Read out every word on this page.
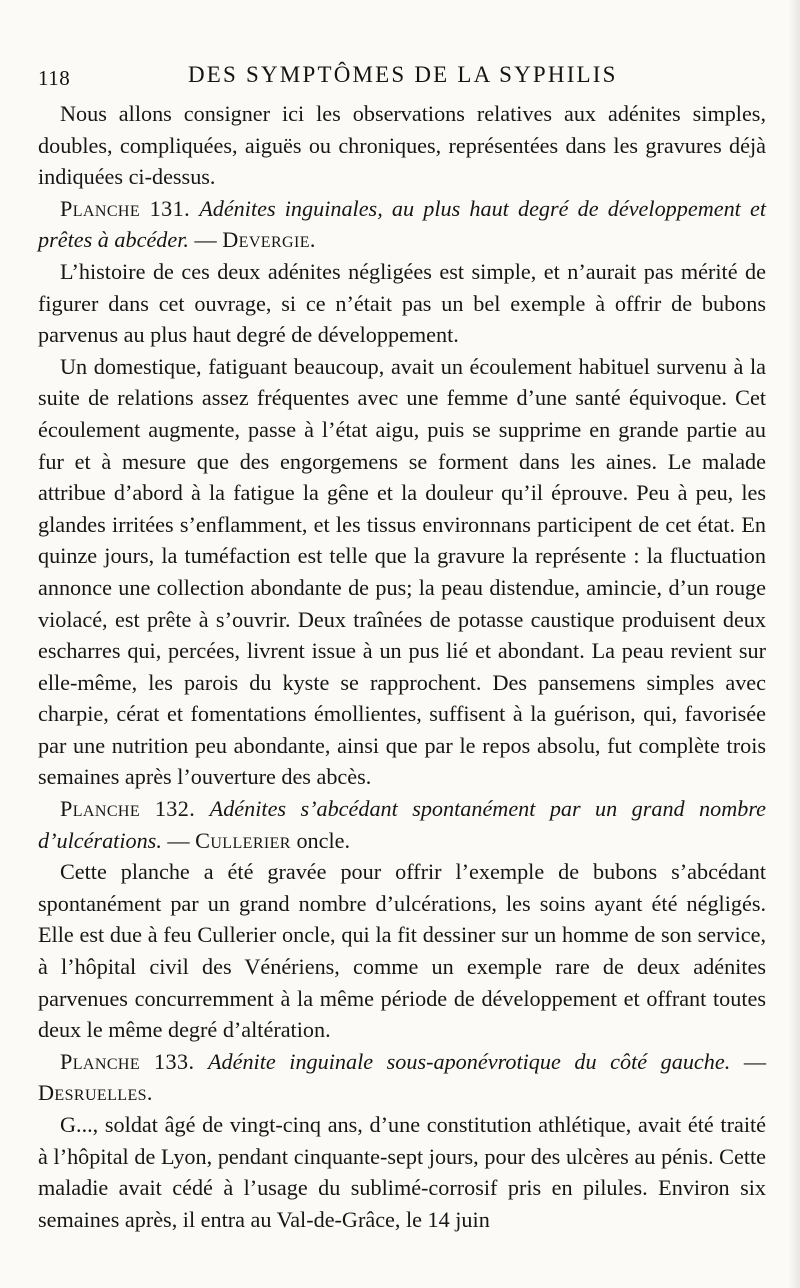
118	DES SYMPTÔMES DE LA SYPHILIS

Nous allons consigner ici les observations relatives aux adénites simples, doubles, compliquées, aiguës ou chroniques, représentées dans les gravures déjà indiquées ci-dessus.

Planche 131. Adénites inguinales, au plus haut degré de développement et prêtes à abcéder. — Devergie.

L’histoire de ces deux adénites négligées est simple, et n’aurait pas mérité de figurer dans cet ouvrage, si ce n’était pas un bel exemple à offrir de bubons parvenus au plus haut degré de développement.

Un domestique, fatiguant beaucoup, avait un écoulement habituel survenu à la suite de relations assez fréquentes avec une femme d’une santé équivoque. Cet écoulement augmente, passe à l’état aigu, puis se supprime en grande partie au fur et à mesure que des engorgemens se forment dans les aines. Le malade attribue d’abord à la fatigue la gêne et la douleur qu’il éprouve. Peu à peu, les glandes irritées s’enflamment, et les tissus environnans participent de cet état. En quinze jours, la tuméfaction est telle que la gravure la représente : la fluctuation annonce une collection abondante de pus; la peau distendue, amincie, d’un rouge violacé, est prête à s’ouvrir. Deux traînées de potasse caustique produisent deux escharres qui, percées, livrent issue à un pus lié et abondant. La peau revient sur elle-même, les parois du kyste se rapprochent. Des pansemens simples avec charpie, cérat et fomentations émollientes, suffisent à la guérison, qui, favorisée par une nutrition peu abondante, ainsi que par le repos absolu, fut complète trois semaines après l’ouverture des abcès.

Planche 132. Adénites s’abcédant spontanément par un grand nombre d’ulcérations. — Cullerier oncle.

Cette planche a été gravée pour offrir l’exemple de bubons s’abcédant spontanément par un grand nombre d’ulcérations, les soins ayant été négligés. Elle est due à feu Cullerier oncle, qui la fit dessiner sur un homme de son service, à l’hôpital civil des Vénériens, comme un exemple rare de deux adénites parvenues concurremment à la même période de développement et offrant toutes deux le même degré d’altération.

Planche 133. Adénite inguinale sous-aponévrotique du côté gauche. — Desruelles.

G..., soldat âgé de vingt-cinq ans, d’une constitution athlétique, avait été traité à l’hôpital de Lyon, pendant cinquante-sept jours, pour des ulcères au pénis. Cette maladie avait cédé à l’usage du sublimé-corrosif pris en pilules. Environ six semaines après, il entra au Val-de-Grâce, le 14 juin
